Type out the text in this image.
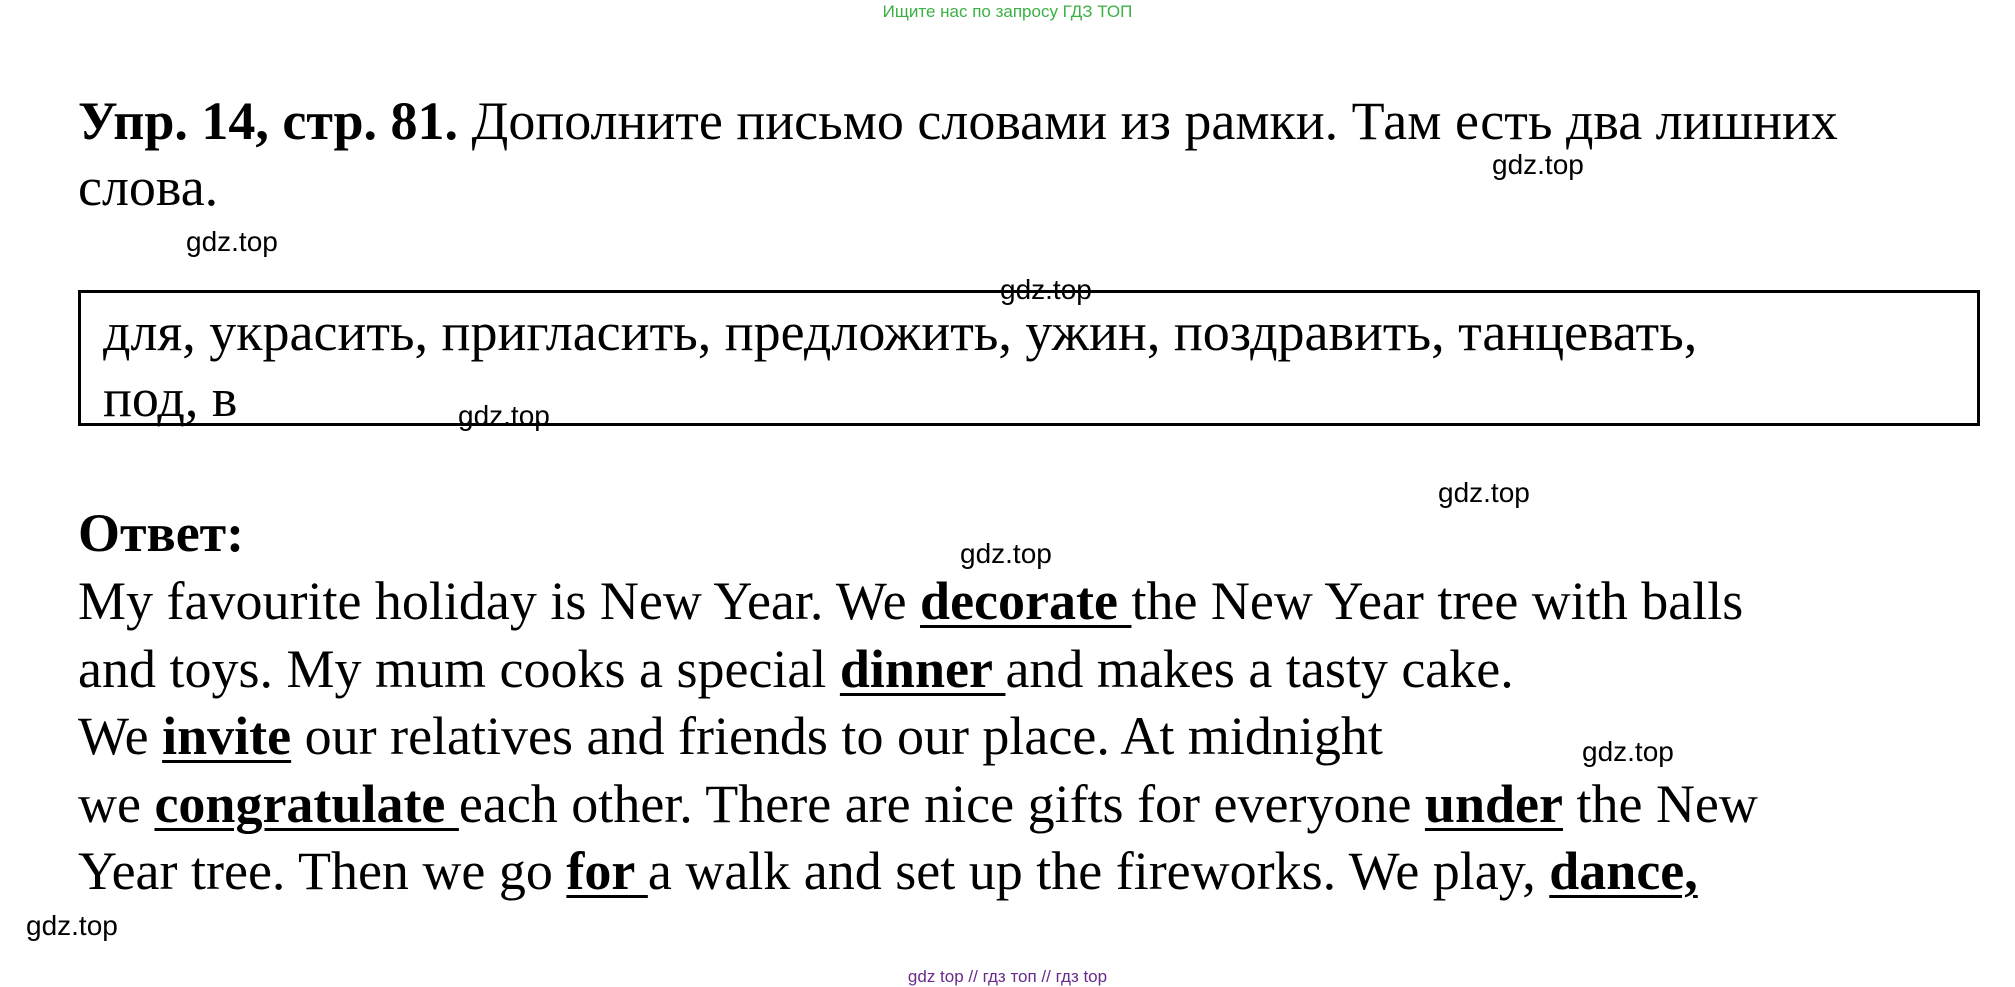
Ищите нас по запросу ГДЗ ТОП
Упр. 14, стр. 81. Дополните письмо словами из рамки. Там есть два лишних слова.
для, украсить, пригласить, предложить, ужин, поздравить, танцевать,
под, в
Ответ:
My favourite holiday is New Year. We decorate the New Year tree with balls
and toys. My mum cooks a special dinner and makes a tasty cake.
We invite our relatives and friends to our place. At midnight
we congratulate each other. There are nice gifts for everyone under the New
Year tree. Then we go for a walk and set up the fireworks. We play, dance,
gdz.top
gdz.top
gdz.top
gdz.top
gdz.top
gdz.top
gdz.top
gdz.top
gdz top // гдз топ // гдз top
